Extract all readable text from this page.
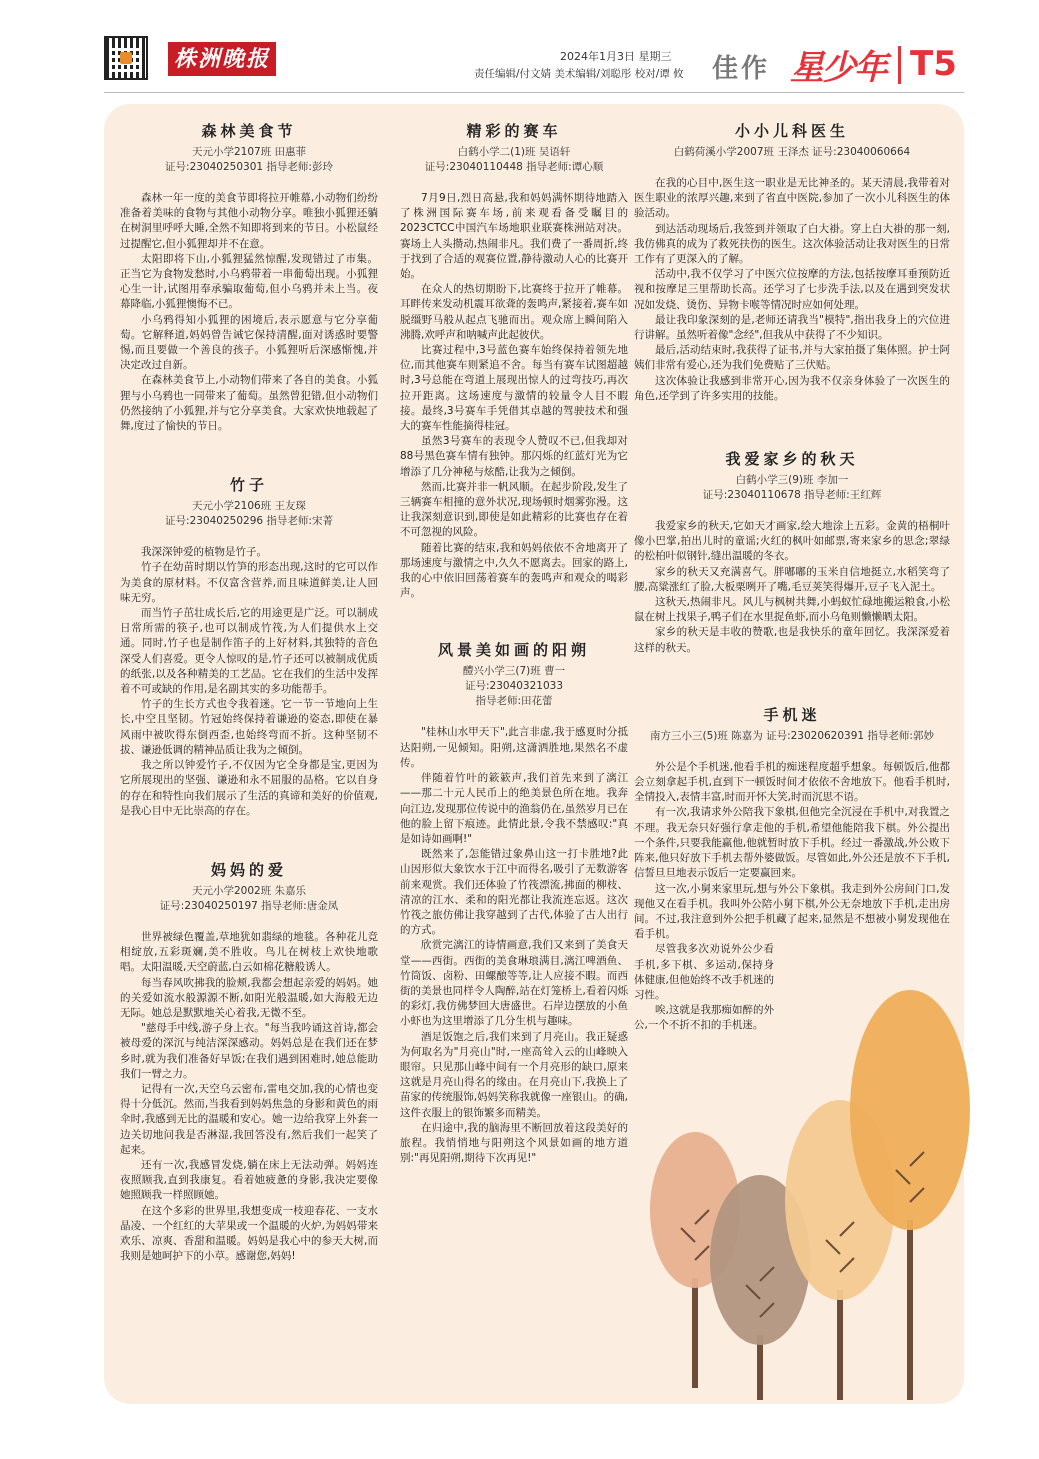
株洲晚报	2024年1月3日 星期三
责任编辑/付文婧 美术编辑/刘聪彤 校对/谭 攸 佳作 星少年 T5
森林美食节
天元小学2107班 田惠菲
证号:23040250301 指导老师:彭玲

森林一年一度的美食节即将拉开帷幕,小动物们纷纷准备着美味的食物与其他小动物分享。唯独小狐狸还躺在树洞里呼呼大睡,全然不知即将到来的节日。小松鼠经过提醒它,但小狐狸却并不在意。

太阳即将下山,小狐狸猛然惊醒,发现错过了市集。正当它为食物发愁时,小乌鸦带着一串葡萄出现。小狐狸心生一计,试图用奉承骗取葡萄,但小乌鸦并未上当。夜幕降临,小狐狸懊悔不已。

小乌鸦得知小狐狸的困境后,表示愿意与它分享葡萄。它解释道,妈妈曾告诫它保持清醒,面对诱惑时要警惕,而且要做一个善良的孩子。小狐狸听后深感惭愧,并决定改过自新。

在森林美食节上,小动物们带来了各自的美食。小狐狸与小乌鸦也一同带来了葡萄。虽然曾犯错,但小动物们仍然接纳了小狐狸,并与它分享美食。大家欢快地载起了舞,度过了愉快的节日。

竹子
天元小学2106班 王友琛
证号:23040250296 指导老师:宋菁

我深深钟爱的植物是竹子。

竹子在幼苗时期以竹笋的形态出现,这时的它可以作为美食的原材料。不仅富含营养,而且味道鲜美,让人回味无穷。

而当竹子茁壮成长后,它的用途更是广泛。可以制成日常所需的筷子,也可以制成竹筏,为人们提供水上交通。同时,竹子也是制作笛子的上好材料,其独特的音色深受人们喜爱。更令人惊叹的是,竹子还可以被制成优质的纸张,以及各种精美的工艺品。它在我们的生活中发挥着不可或缺的作用,是名副其实的多功能帮手。

竹子的生长方式也令我着迷。它一节一节地向上生长,中空且坚韧。竹冠始终保持着谦逊的姿态,即使在暴风雨中被吹得东倒西歪,也始终弯而不折。这种坚韧不拔、谦逊低调的精神品质让我为之倾倒。

我之所以钟爱竹子,不仅因为它全身都是宝,更因为它所展现出的坚强、谦逊和永不屈服的品格。它以自身的存在和特性向我们展示了生活的真谛和美好的价值观,是我心目中无比崇高的存在。

妈妈的爱
天元小学2002班 朱嘉乐
证号:23040250197 指导老师:唐金凤

世界被绿色覆盖,草地犹如翡绿的地毯。各种花儿竞相绽放,五彩斑斓,美不胜收。鸟儿在树枝上欢快地歌唱。太阳温暖,天空蔚蓝,白云如棉花糖般诱人。

每当春风吹拂我的脸颊,我都会想起亲爱的妈妈。她的关爱如流水般源源不断,如阳光般温暖,如大海般无边无际。她总是默默地关心着我,无微不至。

"慈母手中线,游子身上衣。"每当我吟诵这首诗,都会被母爱的深沉与纯洁深深感动。妈妈总是在我们还在梦乡时,就为我们准备好早饭;在我们遇到困难时,她总能助我们一臂之力。

记得有一次,天空乌云密布,雷电交加,我的心情也变得十分低沉。然而,当我看到妈妈焦急的身影和黄色的雨伞时,我感到无比的温暖和安心。她一边给我穿上外套一边关切地问我是否淋湿,我回答没有,然后我们一起笑了起来。

还有一次,我感冒发烧,躺在床上无法动弹。妈妈连夜照顾我,直到我康复。看着她疲惫的身影,我决定要像她照顾我一样照顾她。

在这个多彩的世界里,我想变成一枝迎春花、一支水晶凌、一个红红的大苹果或一个温暖的火炉,为妈妈带来欢乐、凉爽、香甜和温暖。妈妈是我心中的参天大树,而我则是她呵护下的小草。感谢您,妈妈!

精彩的赛车
白鹤小学二(1)班 吴语轩
证号:23040110448 指导老师:谭心顺

7月9日,烈日高悬,我和妈妈满怀期待地踏入了株洲国际赛车场,前来观看备受瞩目的2023CTCC中国汽车场地职业联赛株洲站对决。赛场上人头攒动,热闹非凡。我们费了一番周折,终于找到了合适的观赛位置,静待激动人心的比赛开始。

在众人的热切期盼下,比赛终于拉开了帷幕。耳畔传来发动机震耳欲聋的轰鸣声,紧接着,赛车如脱缰野马般从起点飞驰而出。观众席上瞬间陷入沸腾,欢呼声和呐喊声此起彼伏。

比赛过程中,3号蓝色赛车始终保持着领先地位,而其他赛车则紧追不舍。每当有赛车试图超越时,3号总能在弯道上展现出惊人的过弯技巧,再次拉开距离。这场速度与激情的较量令人目不暇接。最终,3号赛车手凭借其卓越的驾驶技术和强大的赛车性能摘得桂冠。

虽然3号赛车的表现令人赞叹不已,但我却对88号黑色赛车情有独钟。那闪烁的红蓝灯光为它增添了几分神秘与炫酷,让我为之倾倒。

然而,比赛并非一帆风顺。在起步阶段,发生了三辆赛车相撞的意外状况,现场顿时烟雾弥漫。这让我深刻意识到,即使是如此精彩的比赛也存在着不可忽视的风险。

随着比赛的结束,我和妈妈依依不舍地离开了那场速度与激情之中,久久不愿离去。回家的路上,我的心中依旧回荡着赛车的轰鸣声和观众的喝彩声。

风景美如画的阳朔
醴兴小学三(7)班 曹一
证号:23040321033
指导老师:田花蕾

"桂林山水甲天下",此言非虚,我于感夏时分抵达阳朔,一见倾知。阳朔,这潇洒胜地,果然名不虚传。

伴随着竹叶的簌簌声,我们首先来到了漓江——那二十元人民币上的绝美景色所在地。我奔向江边,发现那位传说中的渔翁仍在,虽然岁月已在他的脸上留下痕迹。此情此景,令我不禁感叹:"真是如诗如画啊!"

既然来了,怎能错过象鼻山这一打卡胜地?此山因形似大象饮水于江中而得名,吸引了无数游客前来观赏。我们还体验了竹筏漂流,拂面的柳枝、清凉的江水、柔和的阳光都让我流连忘返。这次竹筏之旅仿佛让我穿越到了古代,体验了古人出行的方式。

欣赏完漓江的诗情画意,我们又来到了美食天堂——西街。西街的美食琳琅满目,漓江啤酒鱼、竹筒饭、卤粉、田螺酿等等,让人应接不暇。而西街的美景也同样令人陶醉,站在灯笼桥上,看着闪烁的彩灯,我仿佛梦回大唐盛世。石岸边摆放的小鱼小虾也为这里增添了几分生机与趣味。

酒足饭饱之后,我们来到了月亮山。我正疑惑为何取名为"月亮山"时,一座高耸入云的山峰映入眼帘。只见那山峰中间有一个月亮形的缺口,原来这就是月亮山得名的缘由。在月亮山下,我换上了苗家的传统服饰,妈妈笑称我就像一座银山。的确,这件衣服上的银饰繁多而精美。

在归途中,我的脑海里不断回放着这段美好的旅程。我悄悄地与阳朔这个风景如画的地方道别:"再见阳朔,期待下次再见!"

小小儿科医生
白鹤荷溪小学2007班 王泽杰 证号:23040060664

在我的心目中,医生这一职业是无比神圣的。某天清晨,我带着对医生职业的浓厚兴趣,来到了省直中医院,参加了一次小儿科医生的体验活动。

到达活动现场后,我签到并领取了白大褂。穿上白大褂的那一刻,我仿佛真的成为了救死扶伤的医生。这次体验活动让我对医生的日常工作有了更深入的了解。

活动中,我不仅学习了中医穴位按摩的方法,包括按摩耳垂预防近视和按摩足三里帮助长高。还学习了七步洗手法,以及在遇到突发状况如发烧、烫伤、异物卡喉等情况时应如何处理。

最让我印象深刻的是,老师还请我当"模特",指出我身上的穴位进行讲解。虽然听着像"念经",但我从中获得了不少知识。

最后,活动结束时,我获得了证书,并与大家拍摄了集体照。护士阿姨们非常有爱心,还为我们免费贴了三伏贴。

这次体验让我感到非常开心,因为我不仅亲身体验了一次医生的角色,还学到了许多实用的技能。

我爱家乡的秋天
白鹤小学三(9)班 李加一
证号:23040110678 指导老师:王红辉

我爱家乡的秋天,它如天才画家,绘大地涂上五彩。金黄的梧桐叶像小巴掌,拍出儿时的童谣;火红的枫叶如邮票,寄来家乡的思念;翠绿的松柏叶似钢针,缝出温暖的冬衣。

家乡的秋天又充满喜气。胖嘟嘟的玉米自信地挺立,水稻笑弯了腰,高粱涨红了脸,大板栗咧开了嘴,毛豆荚笑得爆开,豆子飞入泥土。

这秋天,热闹非凡。风儿与枫树共舞,小蚂蚁忙碌地搬运粮食,小松鼠在树上找果子,鸭子们在水里捉鱼虾,而小乌龟则懒懒晒太阳。

家乡的秋天是丰收的赞歌,也是我快乐的童年回忆。我深深爱着这样的秋天。

手机迷
南方三小三(5)班 陈嘉为 证号:23020620391 指导老师:郭妙

外公是个手机迷,他看手机的痴迷程度超乎想象。每顿饭后,他都会立刻拿起手机,直到下一顿饭时间才依依不舍地放下。他看手机时,全情投入,表情丰富,时而开怀大笑,时而沉思不语。

有一次,我请求外公陪我下象棋,但他完全沉浸在手机中,对我置之不理。我无奈只好强行拿走他的手机,希望他能陪我下棋。外公提出一个条件,只要我能赢他,他就暂时放下手机。经过一番激战,外公败下阵来,他只好放下手机去帮外婆做饭。尽管如此,外公还是放不下手机,信誓旦旦地表示饭后一定要赢回来。

这一次,小舅来家里玩,想与外公下象棋。我走到外公房间门口,发现他又在看手机。我叫外公陪小舅下棋,外公无奈地放下手机,走出房间。不过,我注意到外公把手机藏了起来,显然是不想被小舅发现他在看手机。

尽管我多次劝说外公少看手机,多下棋、多运动,保持身体健康,但他始终不改手机迷的习性。

唉,这就是我那痴如醉的外公,一个不折不扣的手机迷。
